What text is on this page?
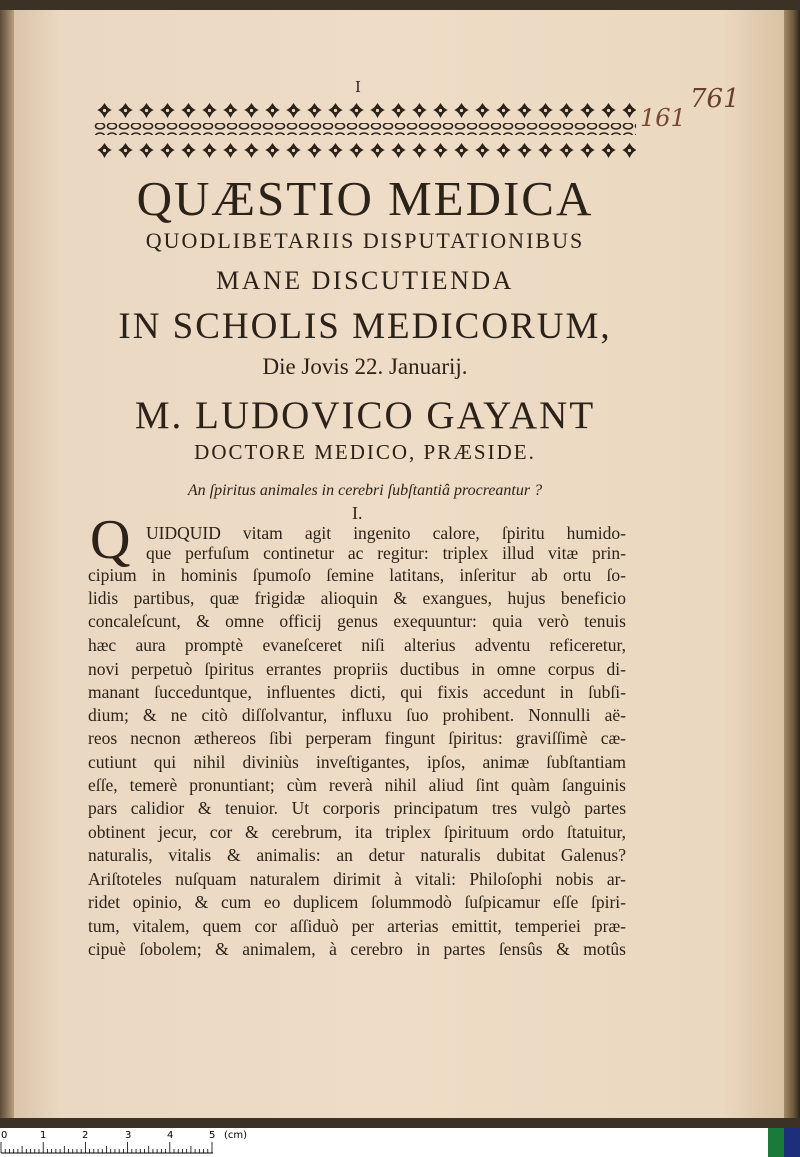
I	761
161
QUÆSTIO MEDICA
QUODLIBETARIIS DISPUTATIONIBUS
MANE DISCUTIENDA
IN SCHOLIS MEDICORUM,
Die Jovis 22. Januarij.
M. LUDOVICO GAYANT
DOCTORE MEDICO, PRÆSIDE.
An ſpiritus animales in cerebri ſubſtantiâ procreantur ?
I.
Q UIDQUID vitam agit ingenito calore, ſpiritu humido-
que perfuſum continetur ac regitur: triplex illud vitæ prin-
cipium in hominis ſpumoſo ſemine latitans, inſeritur ab ortu ſo-
lidis partibus, quæ frigidæ alioquin & exangues, hujus beneficio
concaleſcunt, & omne officij genus exequuntur: quia verò tenuis
hæc aura promptè evaneſceret niſi alterius adventu reficeretur,
novi perpetuò ſpiritus errantes propriis ductibus in omne corpus di-
manant ſucceduntque, influentes dicti, qui fixis accedunt in ſubſi-
dium; & ne citò diſſolvantur, influxu ſuo prohibent. Nonnulli aë-
reos necnon æthereos ſibi perperam fingunt ſpiritus: graviſſimè cæ-
cutiunt qui nihil diviniùs inveſtigantes, ipſos, animæ ſubſtantiam
eſſe, temerè pronuntiant; cùm reverà nihil aliud ſint quàm ſanguinis
pars calidior & tenuior. Ut corporis principatum tres vulgò partes
obtinent jecur, cor & cerebrum, ita triplex ſpirituum ordo ſtatuitur,
naturalis, vitalis & animalis: an detur naturalis dubitat Galenus?
Ariſtoteles nuſquam naturalem dirimit à vitali: Philoſophi nobis ar-
ridet opinio, & cum eo duplicem ſolummodò ſuſpicamur eſſe ſpiri-
tum, vitalem, quem cor aſſiduò per arterias emittit, temperiei præ-
cipuè ſobolem; & animalem, à cerebro in partes ſensûs & motûs
0	1	2	3	4	5 (cm)
